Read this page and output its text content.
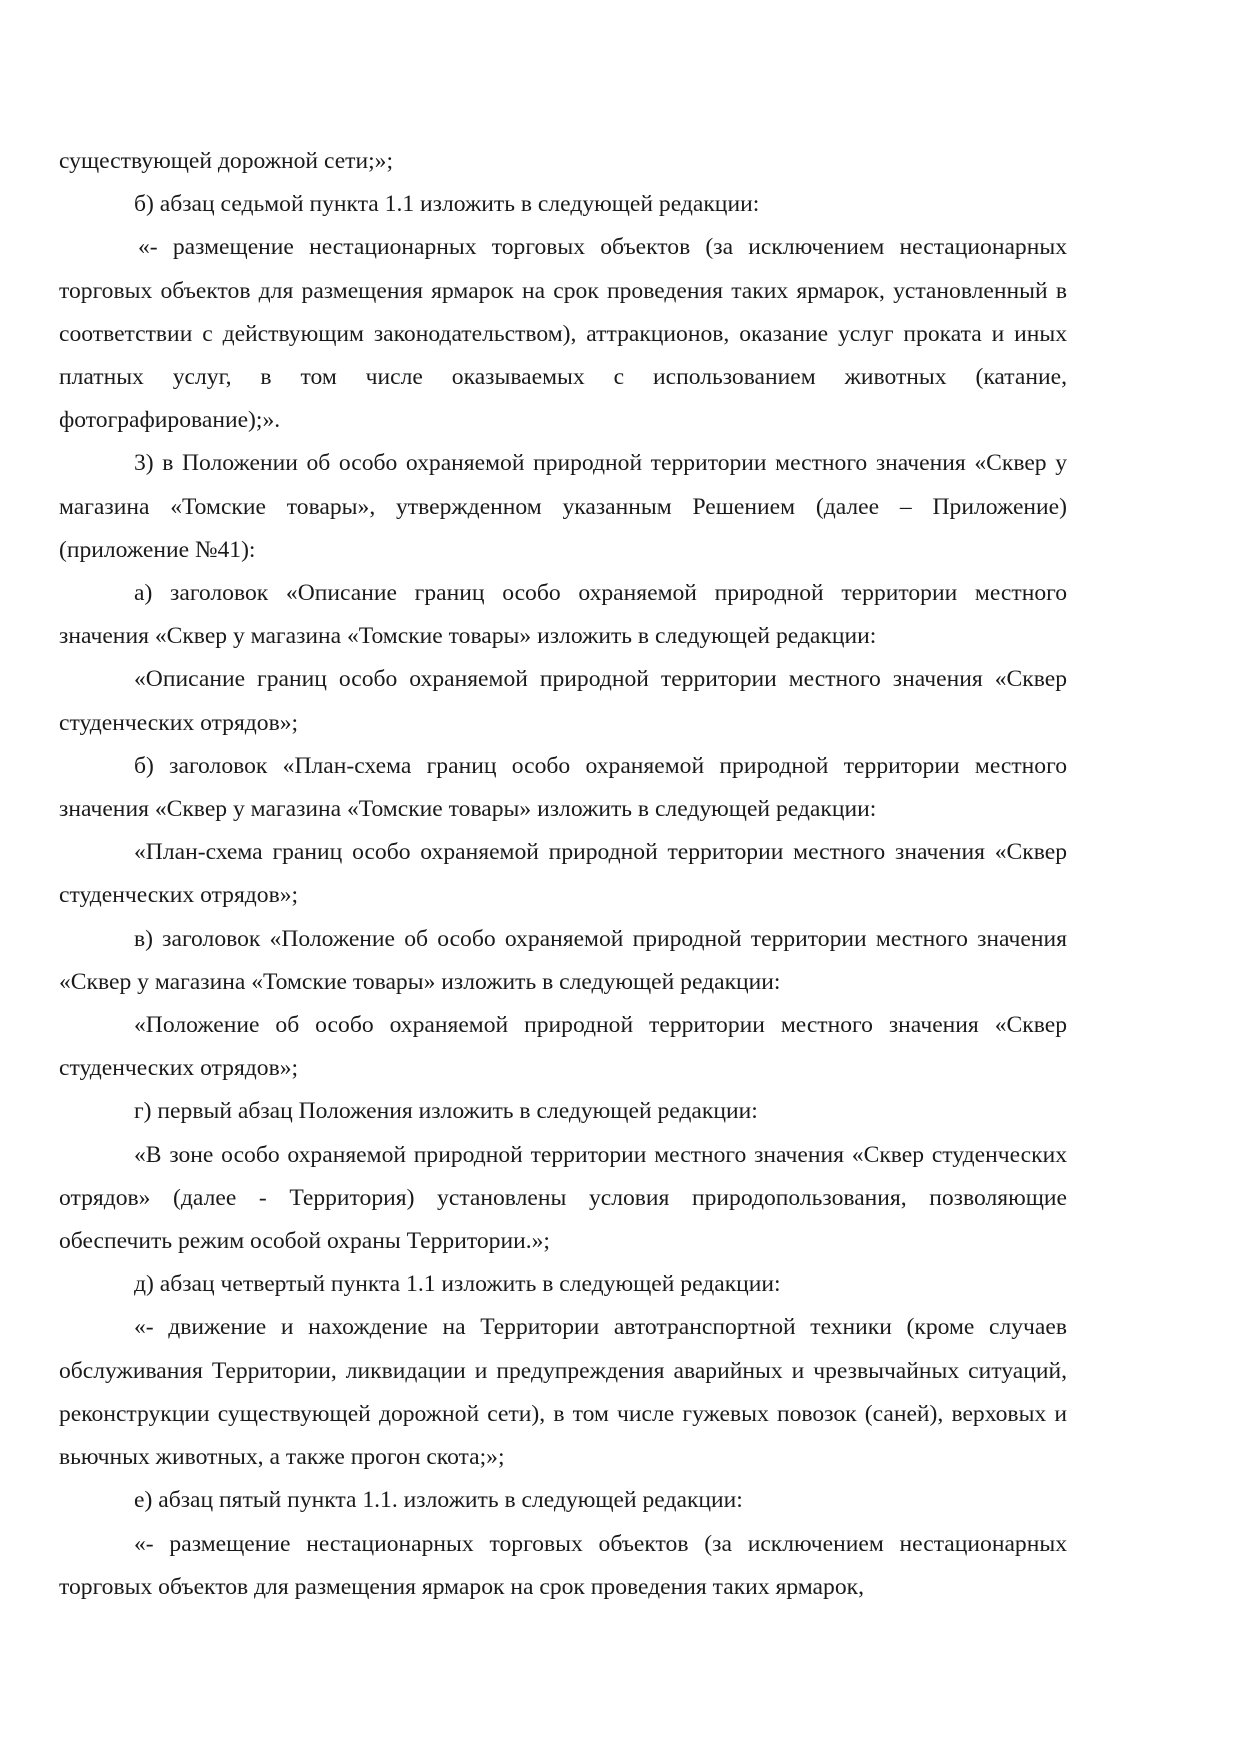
существующей дорожной сети;»;

б) абзац седьмой пункта 1.1 изложить в следующей редакции:

«- размещение нестационарных торговых объектов (за исключением нестационарных торговых объектов для размещения ярмарок на срок проведения таких ярмарок, установленный в соответствии с действующим законодательством), аттракционов, оказание услуг проката и иных платных услуг, в том числе оказываемых с использованием животных (катание, фотографирование);».

3) в Положении об особо охраняемой природной территории местного значения «Сквер у магазина «Томские товары», утвержденном указанным Решением (далее – Приложение) (приложение №41):

а) заголовок «Описание границ особо охраняемой природной территории местного значения «Сквер у магазина «Томские товары» изложить в следующей редакции:

«Описание границ особо охраняемой природной территории местного значения «Сквер студенческих отрядов»;

б) заголовок «План-схема границ особо охраняемой природной территории местного значения «Сквер у магазина «Томские товары» изложить в следующей редакции:

«План-схема границ особо охраняемой природной территории местного значения «Сквер студенческих отрядов»;

в) заголовок «Положение об особо охраняемой природной территории местного значения «Сквер у магазина «Томские товары» изложить в следующей редакции:

«Положение об особо охраняемой природной территории местного значения «Сквер студенческих отрядов»;

г) первый абзац Положения изложить в следующей редакции:

«В зоне особо охраняемой природной территории местного значения «Сквер студенческих отрядов» (далее - Территория) установлены условия природопользования, позволяющие обеспечить режим особой охраны Территории.»;

д) абзац четвертый пункта 1.1 изложить в следующей редакции:

«- движение и нахождение на Территории автотранспортной техники (кроме случаев обслуживания Территории, ликвидации и предупреждения аварийных и чрезвычайных ситуаций, реконструкции существующей дорожной сети), в том числе гужевых повозок (саней), верховых и вьючных животных, а также прогон скота;»;

е) абзац пятый пункта 1.1. изложить в следующей редакции:

«- размещение нестационарных торговых объектов (за исключением нестационарных торговых объектов для размещения ярмарок на срок проведения таких ярмарок,
